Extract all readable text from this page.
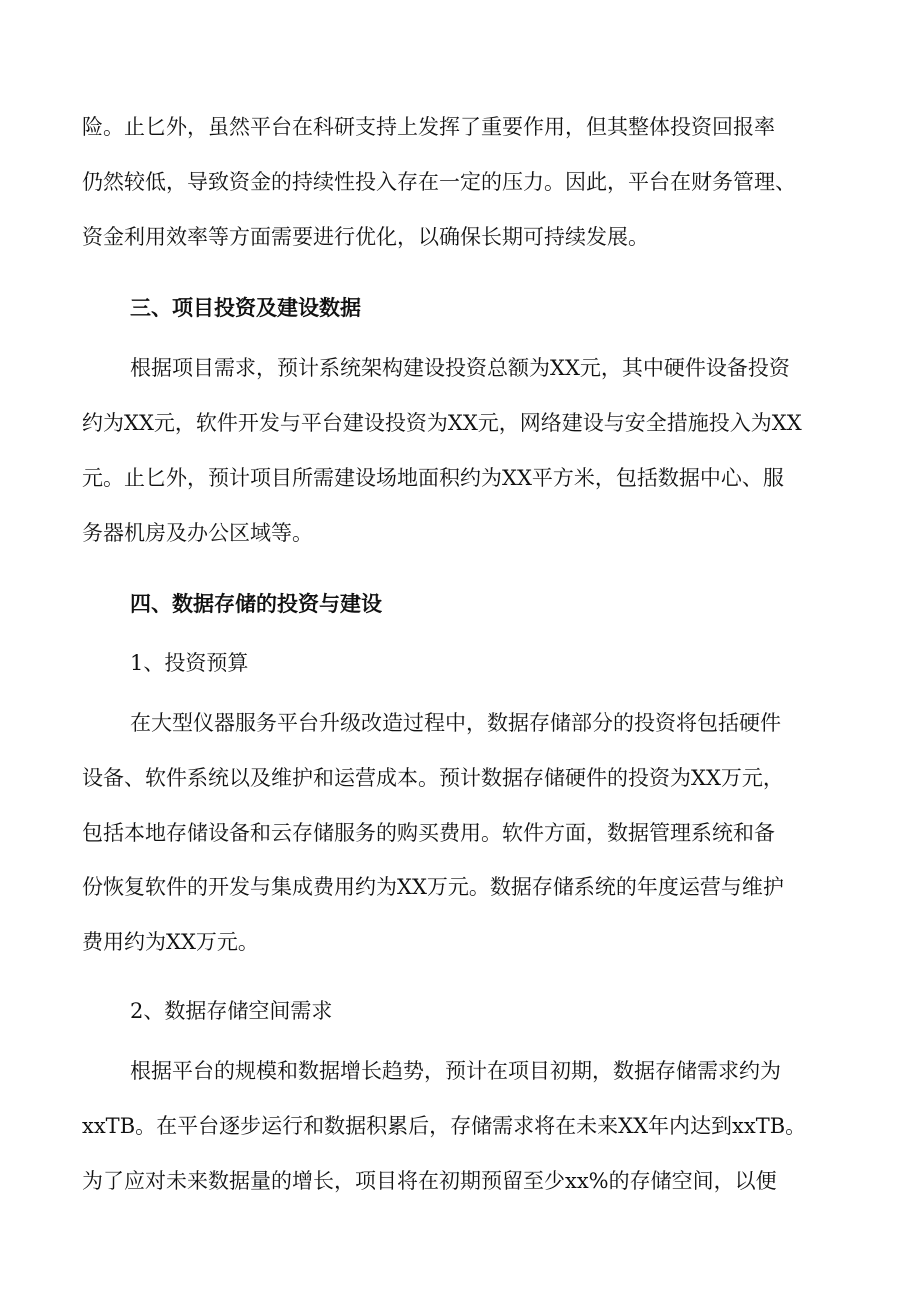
险。止匕外，虽然平台在科研支持上发挥了重要作用，但其整体投资回报率
仍然较低，导致资金的持续性投入存在一定的压力。因此，平台在财务管理、
资金利用效率等方面需要进行优化，以确保长期可持续发展。
三、项目投资及建设数据
根据项目需求，预计系统架构建设投资总额为XX元，其中硬件设备投资
约为XX元，软件开发与平台建设投资为XX元，网络建设与安全措施投入为XX
元。止匕外，预计项目所需建设场地面积约为XX平方米，包括数据中心、服
务器机房及办公区域等。
四、数据存储的投资与建设
1、投资预算
在大型仪器服务平台升级改造过程中，数据存储部分的投资将包括硬件
设备、软件系统以及维护和运营成本。预计数据存储硬件的投资为XX万元，
包括本地存储设备和云存储服务的购买费用。软件方面，数据管理系统和备
份恢复软件的开发与集成费用约为XX万元。数据存储系统的年度运营与维护
费用约为XX万元。
2、数据存储空间需求
根据平台的规模和数据增长趋势，预计在项目初期，数据存储需求约为
xxTB。在平台逐步运行和数据积累后，存储需求将在未来XX年内达到xxTB。
为了应对未来数据量的增长，项目将在初期预留至少xx%的存储空间，以便
